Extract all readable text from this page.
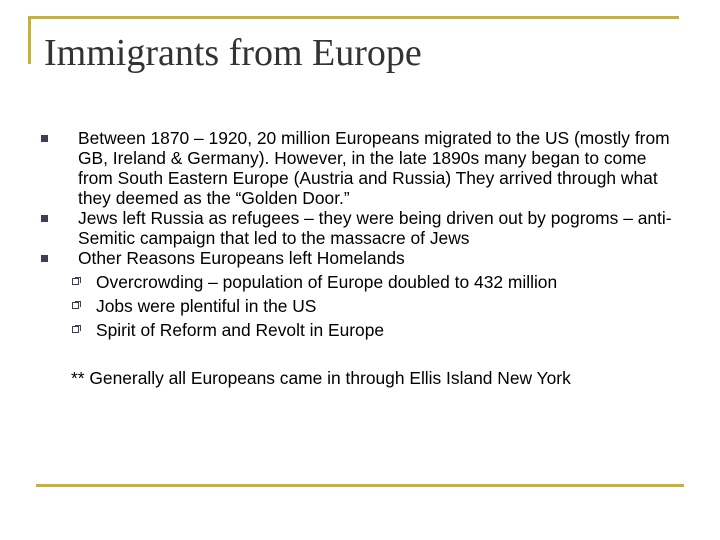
Immigrants from Europe
Between 1870 – 1920, 20 million Europeans migrated to the US (mostly from GB, Ireland & Germany). However, in the late 1890s many began to come from South Eastern Europe (Austria and Russia) They arrived through what they deemed as the “Golden Door.”
Jews left Russia as refugees – they were being driven out by pogroms – anti-Semitic campaign that led to the massacre of Jews
Other Reasons Europeans left Homelands
Overcrowding – population of Europe doubled to 432 million
Jobs were plentiful in the US
Spirit of Reform and Revolt in Europe
** Generally all Europeans came in through Ellis Island New York
